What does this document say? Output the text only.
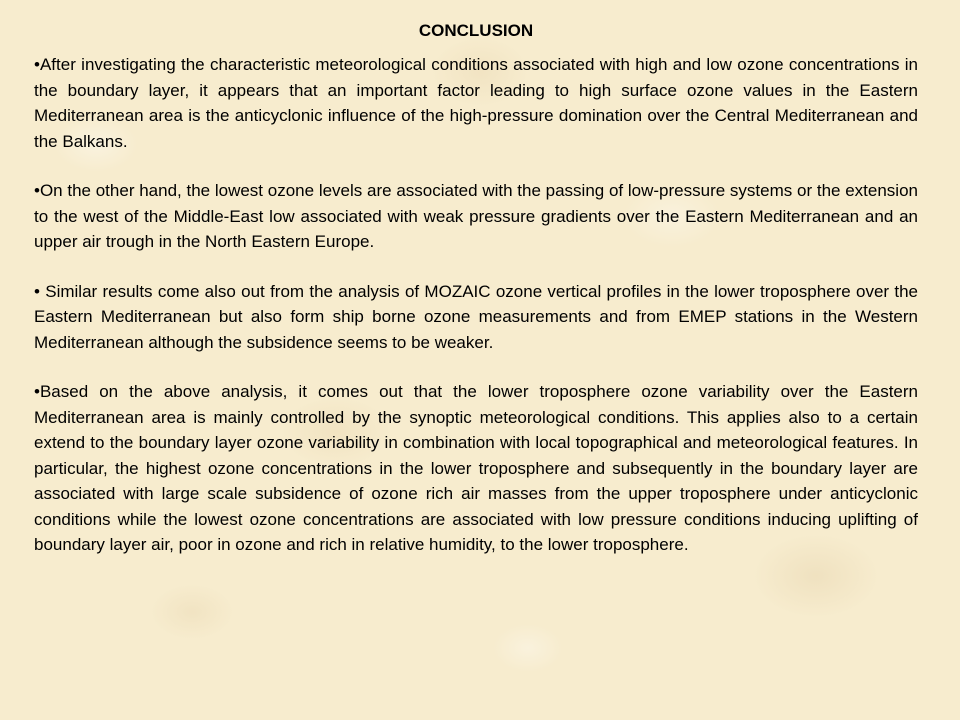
CONCLUSION

•After investigating the characteristic meteorological conditions associated with high and low ozone concentrations in the boundary layer, it appears that an important factor leading to high surface ozone values in the Eastern Mediterranean area is the anticyclonic influence of the high-pressure domination over the Central Mediterranean and the Balkans.

•On the other hand, the lowest ozone levels are associated with the passing of low-pressure systems or the extension to the west of the Middle-East low associated with weak pressure gradients over the Eastern Mediterranean and an upper air trough in the North Eastern Europe.

• Similar results come also out from the analysis of MOZAIC ozone vertical profiles in the lower troposphere over the Eastern Mediterranean but also form ship borne ozone measurements and from EMEP stations in the Western Mediterranean although the subsidence seems to be weaker.

•Based on the above analysis, it comes out that the lower troposphere ozone variability over the Eastern Mediterranean area is mainly controlled by the synoptic meteorological conditions. This applies also to a certain extend to the boundary layer ozone variability in combination with local topographical and meteorological features. In particular, the highest ozone concentrations in the lower troposphere and subsequently in the boundary layer are associated with large scale subsidence of ozone rich air masses from the upper troposphere under anticyclonic conditions while the lowest ozone concentrations are associated with low pressure conditions inducing uplifting of boundary layer air, poor in ozone and rich in relative humidity, to the lower troposphere.
